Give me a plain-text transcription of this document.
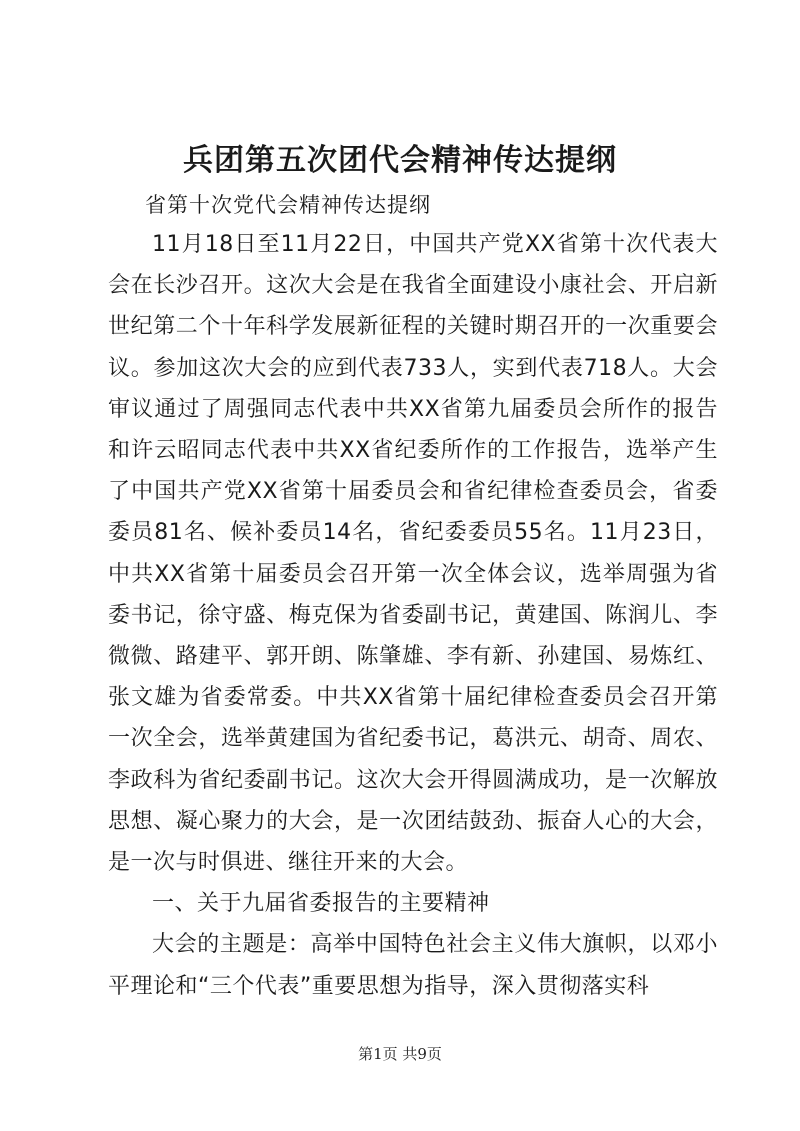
兵团第五次团代会精神传达提纲
省第十次党代会精神传达提纲

11月18日至11月22日，中国共产党XX省第十次代表大会在长沙召开。这次大会是在我省全面建设小康社会、开启新世纪第二个十年科学发展新征程的关键时期召开的一次重要会议。参加这次大会的应到代表733人，实到代表718人。大会审议通过了周强同志代表中共XX省第九届委员会所作的报告和许云昭同志代表中共XX省纪委所作的工作报告，选举产生了中国共产党XX省第十届委员会和省纪律检查委员会，省委委员81名、候补委员14名，省纪委委员55名。11月23日，中共XX省第十届委员会召开第一次全体会议，选举周强为省委书记，徐守盛、梅克保为省委副书记，黄建国、陈润儿、李微微、路建平、郭开朗、陈肇雄、李有新、孙建国、易炼红、张文雄为省委常委。中共XX省第十届纪律检查委员会召开第一次全会，选举黄建国为省纪委书记，葛洪元、胡奇、周农、李政科为省纪委副书记。这次大会开得圆满成功，是一次解放思想、凝心聚力的大会，是一次团结鼓劲、振奋人心的大会，是一次与时俱进、继往开来的大会。

一、关于九届省委报告的主要精神

大会的主题是：高举中国特色社会主义伟大旗帜，以邓小平理论和“三个代表”重要思想为指导，深入贯彻落实科

第1页 共9页
